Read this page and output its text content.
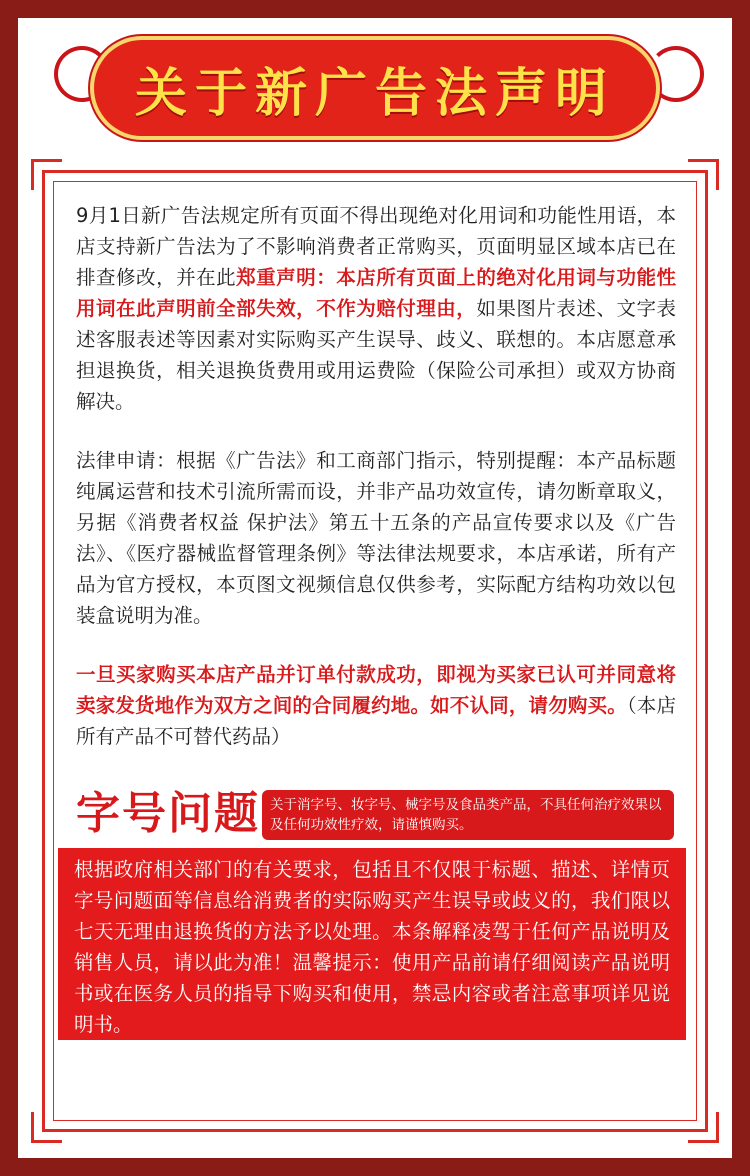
关于新广告法声明

9月1日新广告法规定所有页面不得出现绝对化用词和功能性用语，本店支持新广告法为了不影响消费者正常购买，页面明显区域本店已在排查修改，并在此郑重声明：本店所有页面上的绝对化用词与功能性用词在此声明前全部失效，不作为赔付理由，如果图片表述、文字表述客服表述等因素对实际购买产生误导、歧义、联想的。本店愿意承担退换货，相关退换货费用或用运费险（保险公司承担）或双方协商解决。

法律申请：根据《广告法》和工商部门指示，特别提醒：本产品标题纯属运营和技术引流所需而设，并非产品功效宣传，请勿断章取义，另据《消费者权益 保护法》第五十五条的产品宣传要求以及《广告法》、《医疗器械监督管理条例》等法律法规要求，本店承诺，所有产品为官方授权，本页图文视频信息仅供参考，实际配方结构功效以包装盒说明为准。

一旦买家购买本店产品并订单付款成功，即视为买家已认可并同意将卖家发货地作为双方之间的合同履约地。如不认同，请勿购买。（本店所有产品不可替代药品）

字号问题 关于消字号、妆字号、械字号及食品类产品，不具任何治疗效果以及任何功效性疗效，请谨慎购买。
根据政府相关部门的有关要求，包括且不仅限于标题、描述、详情页字号问题面等信息给消费者的实际购买产生误导或歧义的，我们限以七天无理由退换货的方法予以处理。本条解释凌驾于任何产品说明及销售人员，请以此为准！温馨提示：使用产品前请仔细阅读产品说明书或在医务人员的指导下购买和使用，禁忌内容或者注意事项详见说明书。
